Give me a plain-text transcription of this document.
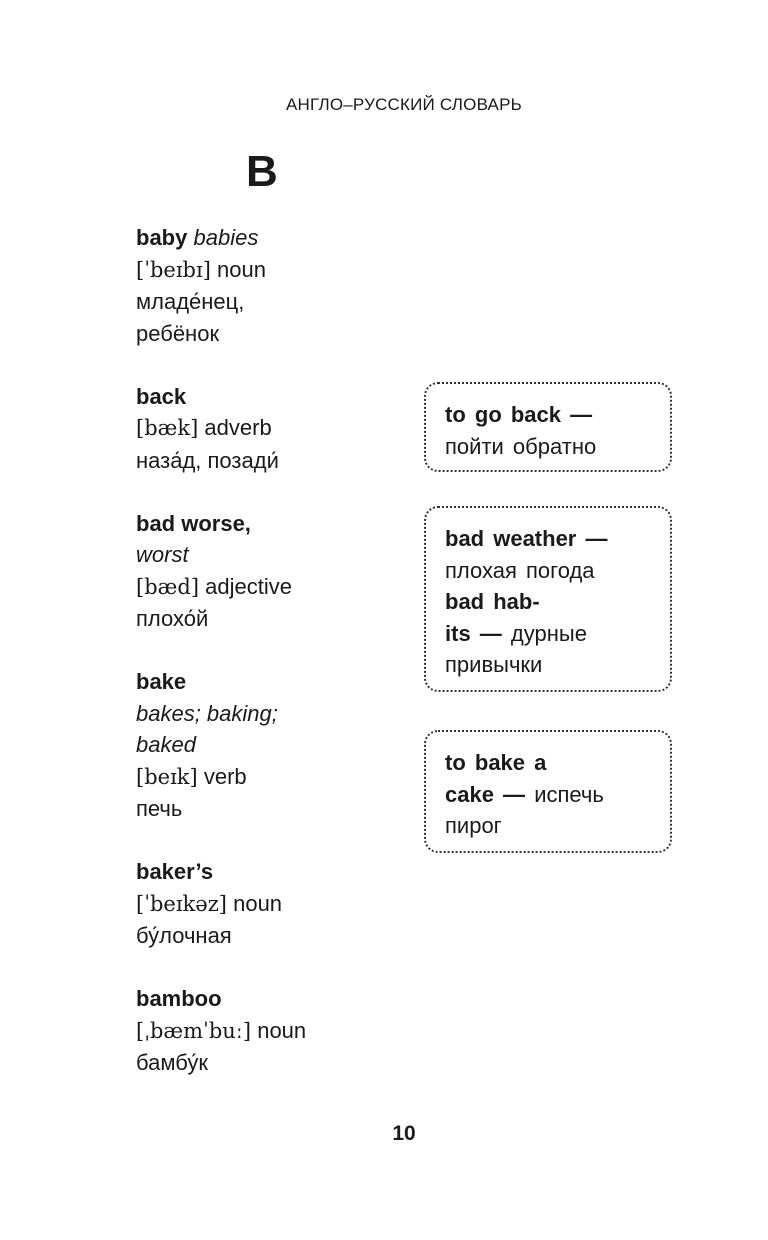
АНГЛО–РУССКИЙ СЛОВАРЬ
B

baby babies
[ˈbeɪbɪ] noun
младе́нец,
ребёнок

back
[bæk] adverb
наза́д, позади́

bad worse,
worst
[bæd] adjective
плохо́й

bake
bakes; baking;
baked
[beɪk] verb
печь

baker’s
[ˈbeɪkəz] noun
бу́лочная

bamboo
[ˌbæmˈbuː] noun
бамбу́к

to go back —
пойти обратно
bad weather —
плохая погода
bad hab-
its — дурные
привычки
to bake a
cake — испечь
пирог
10
